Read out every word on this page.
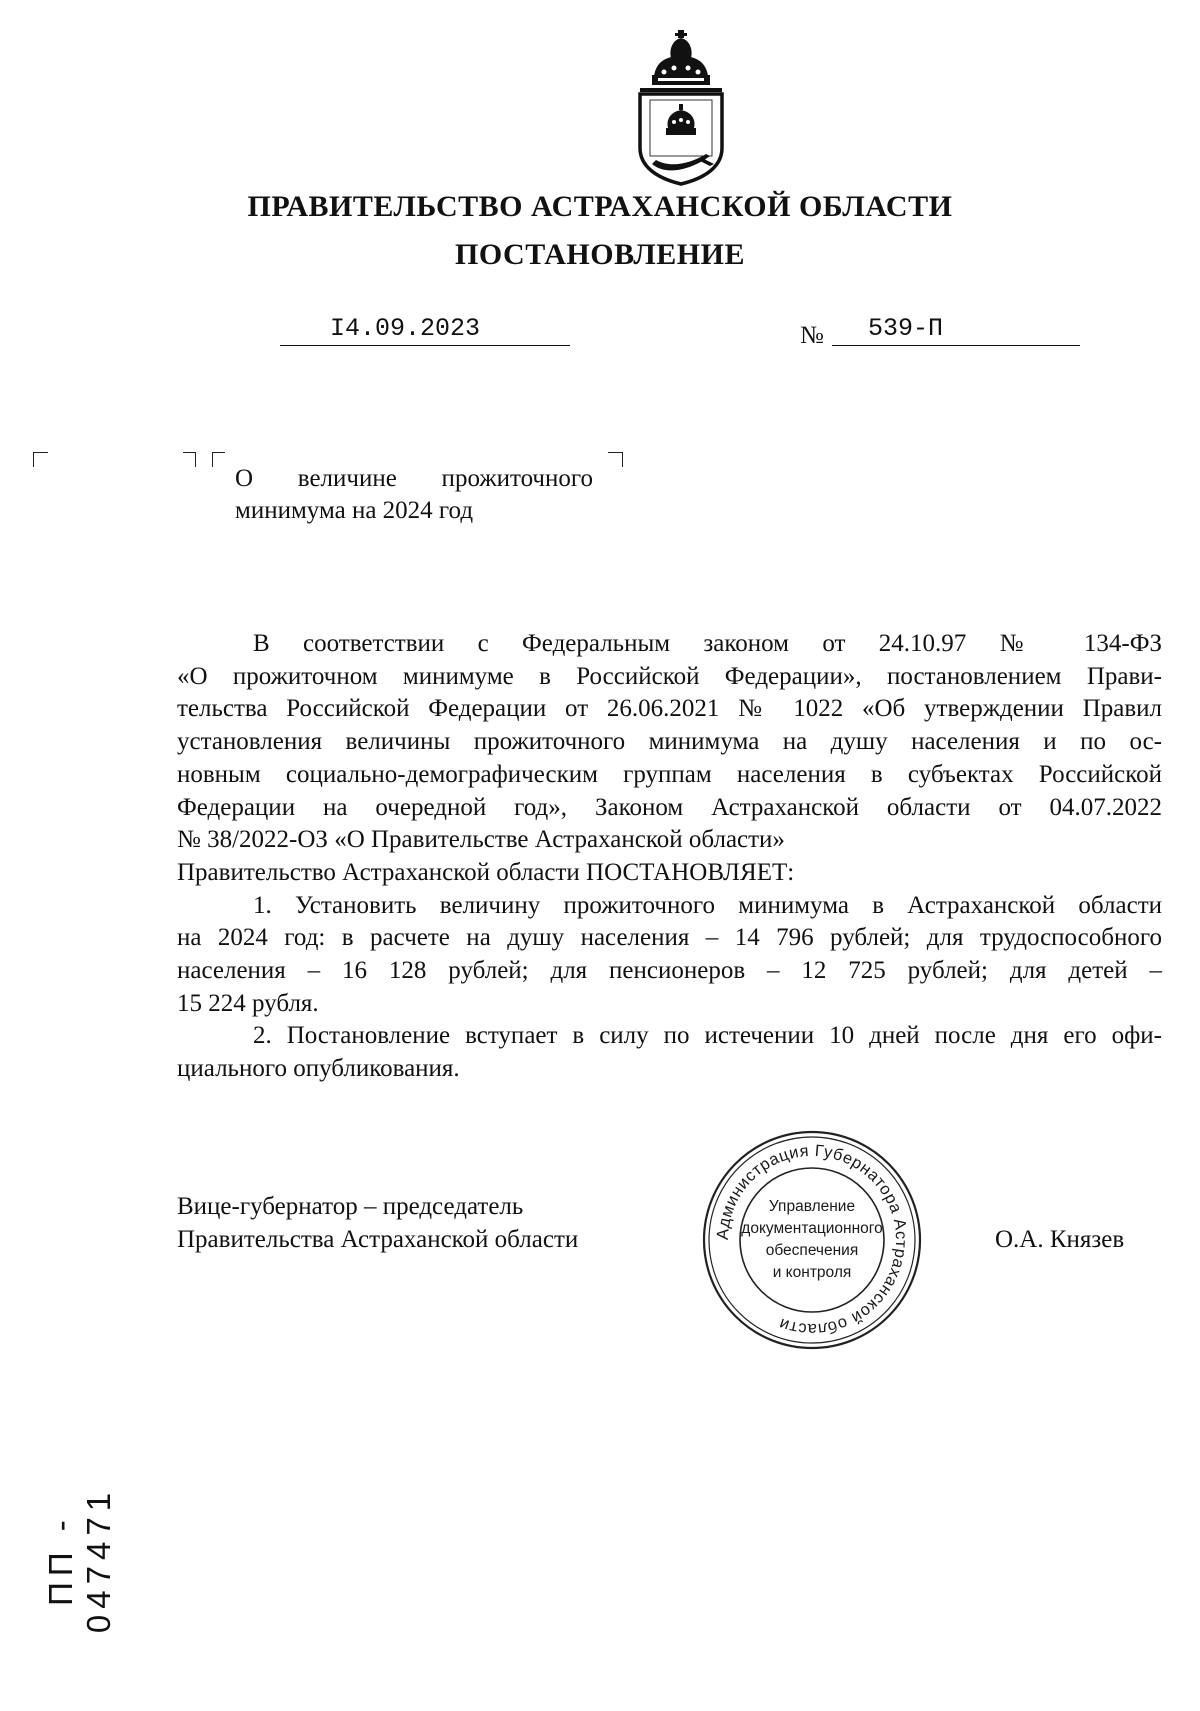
ПРАВИТЕЛЬСТВО АСТРАХАНСКОЙ ОБЛАСТИ
ПОСТАНОВЛЕНИЕ
I4.09.2023	№ 539-П
О величине прожиточного
минимума на 2024 год
В соответствии с Федеральным законом от 24.10.97 № 134-ФЗ
«О прожиточном минимуме в Российской Федерации», постановлением Прави-
тельства Российской Федерации от 26.06.2021 № 1022 «Об утверждении Правил
установления величины прожиточного минимума на душу населения и по ос-
новным социально-демографическим группам населения в субъектах Российской
Федерации на очередной год», Законом Астраханской области от 04.07.2022
№ 38/2022-ОЗ «О Правительстве Астраханской области»
Правительство Астраханской области ПОСТАНОВЛЯЕТ:
1. Установить величину прожиточного минимума в Астраханской области
на 2024 год: в расчете на душу населения – 14 796 рублей; для трудоспособного
населения – 16 128 рублей; для пенсионеров – 12 725 рублей; для детей –
15 224 рубля.
2. Постановление вступает в силу по истечении 10 дней после дня его офи-
циального опубликования.
Вице-губернатор – председатель
Правительства Астраханской области	О.А. Князев
Администрация Губернатора Астраханской области
Управление
документационного
обеспечения
и контроля
ПП - 047471
